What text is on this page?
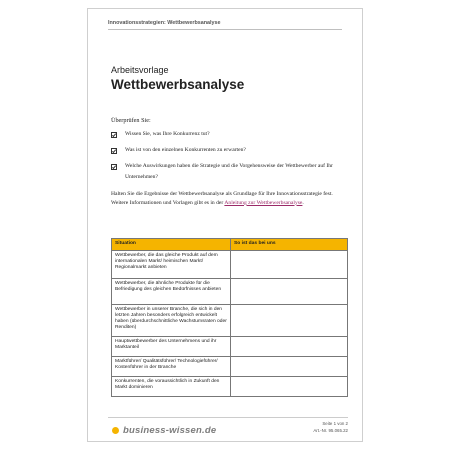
Innovationsstrategien: Wettbewerbsanalyse
Arbeitsvorlage
Wettbewerbsanalyse
Überprüfen Sie:
Wissen Sie, was Ihre Konkurrenz tut?
Was ist von den einzelnen Konkurrenten zu erwarten?
Welche Auswirkungen haben die Strategie und die Vorgehensweise der Wettbewerber auf Ihr Unternehmen?
Halten Sie die Ergebnisse der Wettbewerbsanalyse als Grundlage für Ihre Innovationsstrategie fest. Weitere Informationen und Vorlagen gibt es in der Anleitung zur Wettbewerbsanalyse.
Situation	So ist das bei uns
Wettbewerber, die das gleiche Produkt auf dem internationalen Markt/ heimischen Markt/ Regionalmarkt anbieten	
Wettbewerber, die ähnliche Produkte für die Befriedigung des gleichen Bedürfnisses anbieten	
Wettbewerber in unserer Branche, die sich in den letzten Jahren besonders erfolgreich entwickelt haben (überdurchschnittliche Wachstumsraten oder Renditen)	
Hauptwettbewerber des Unternehmens und ihr Marktanteil	
Marktführer/ Qualitätsführer/ Technologieführer/ Kostenführer in der Branche	
Konkurrenten, die voraussichtlich in Zukunft den Markt dominieren	
business-wissen.de
Seite 1 von 2
Art.-Nr. 95.065.22
